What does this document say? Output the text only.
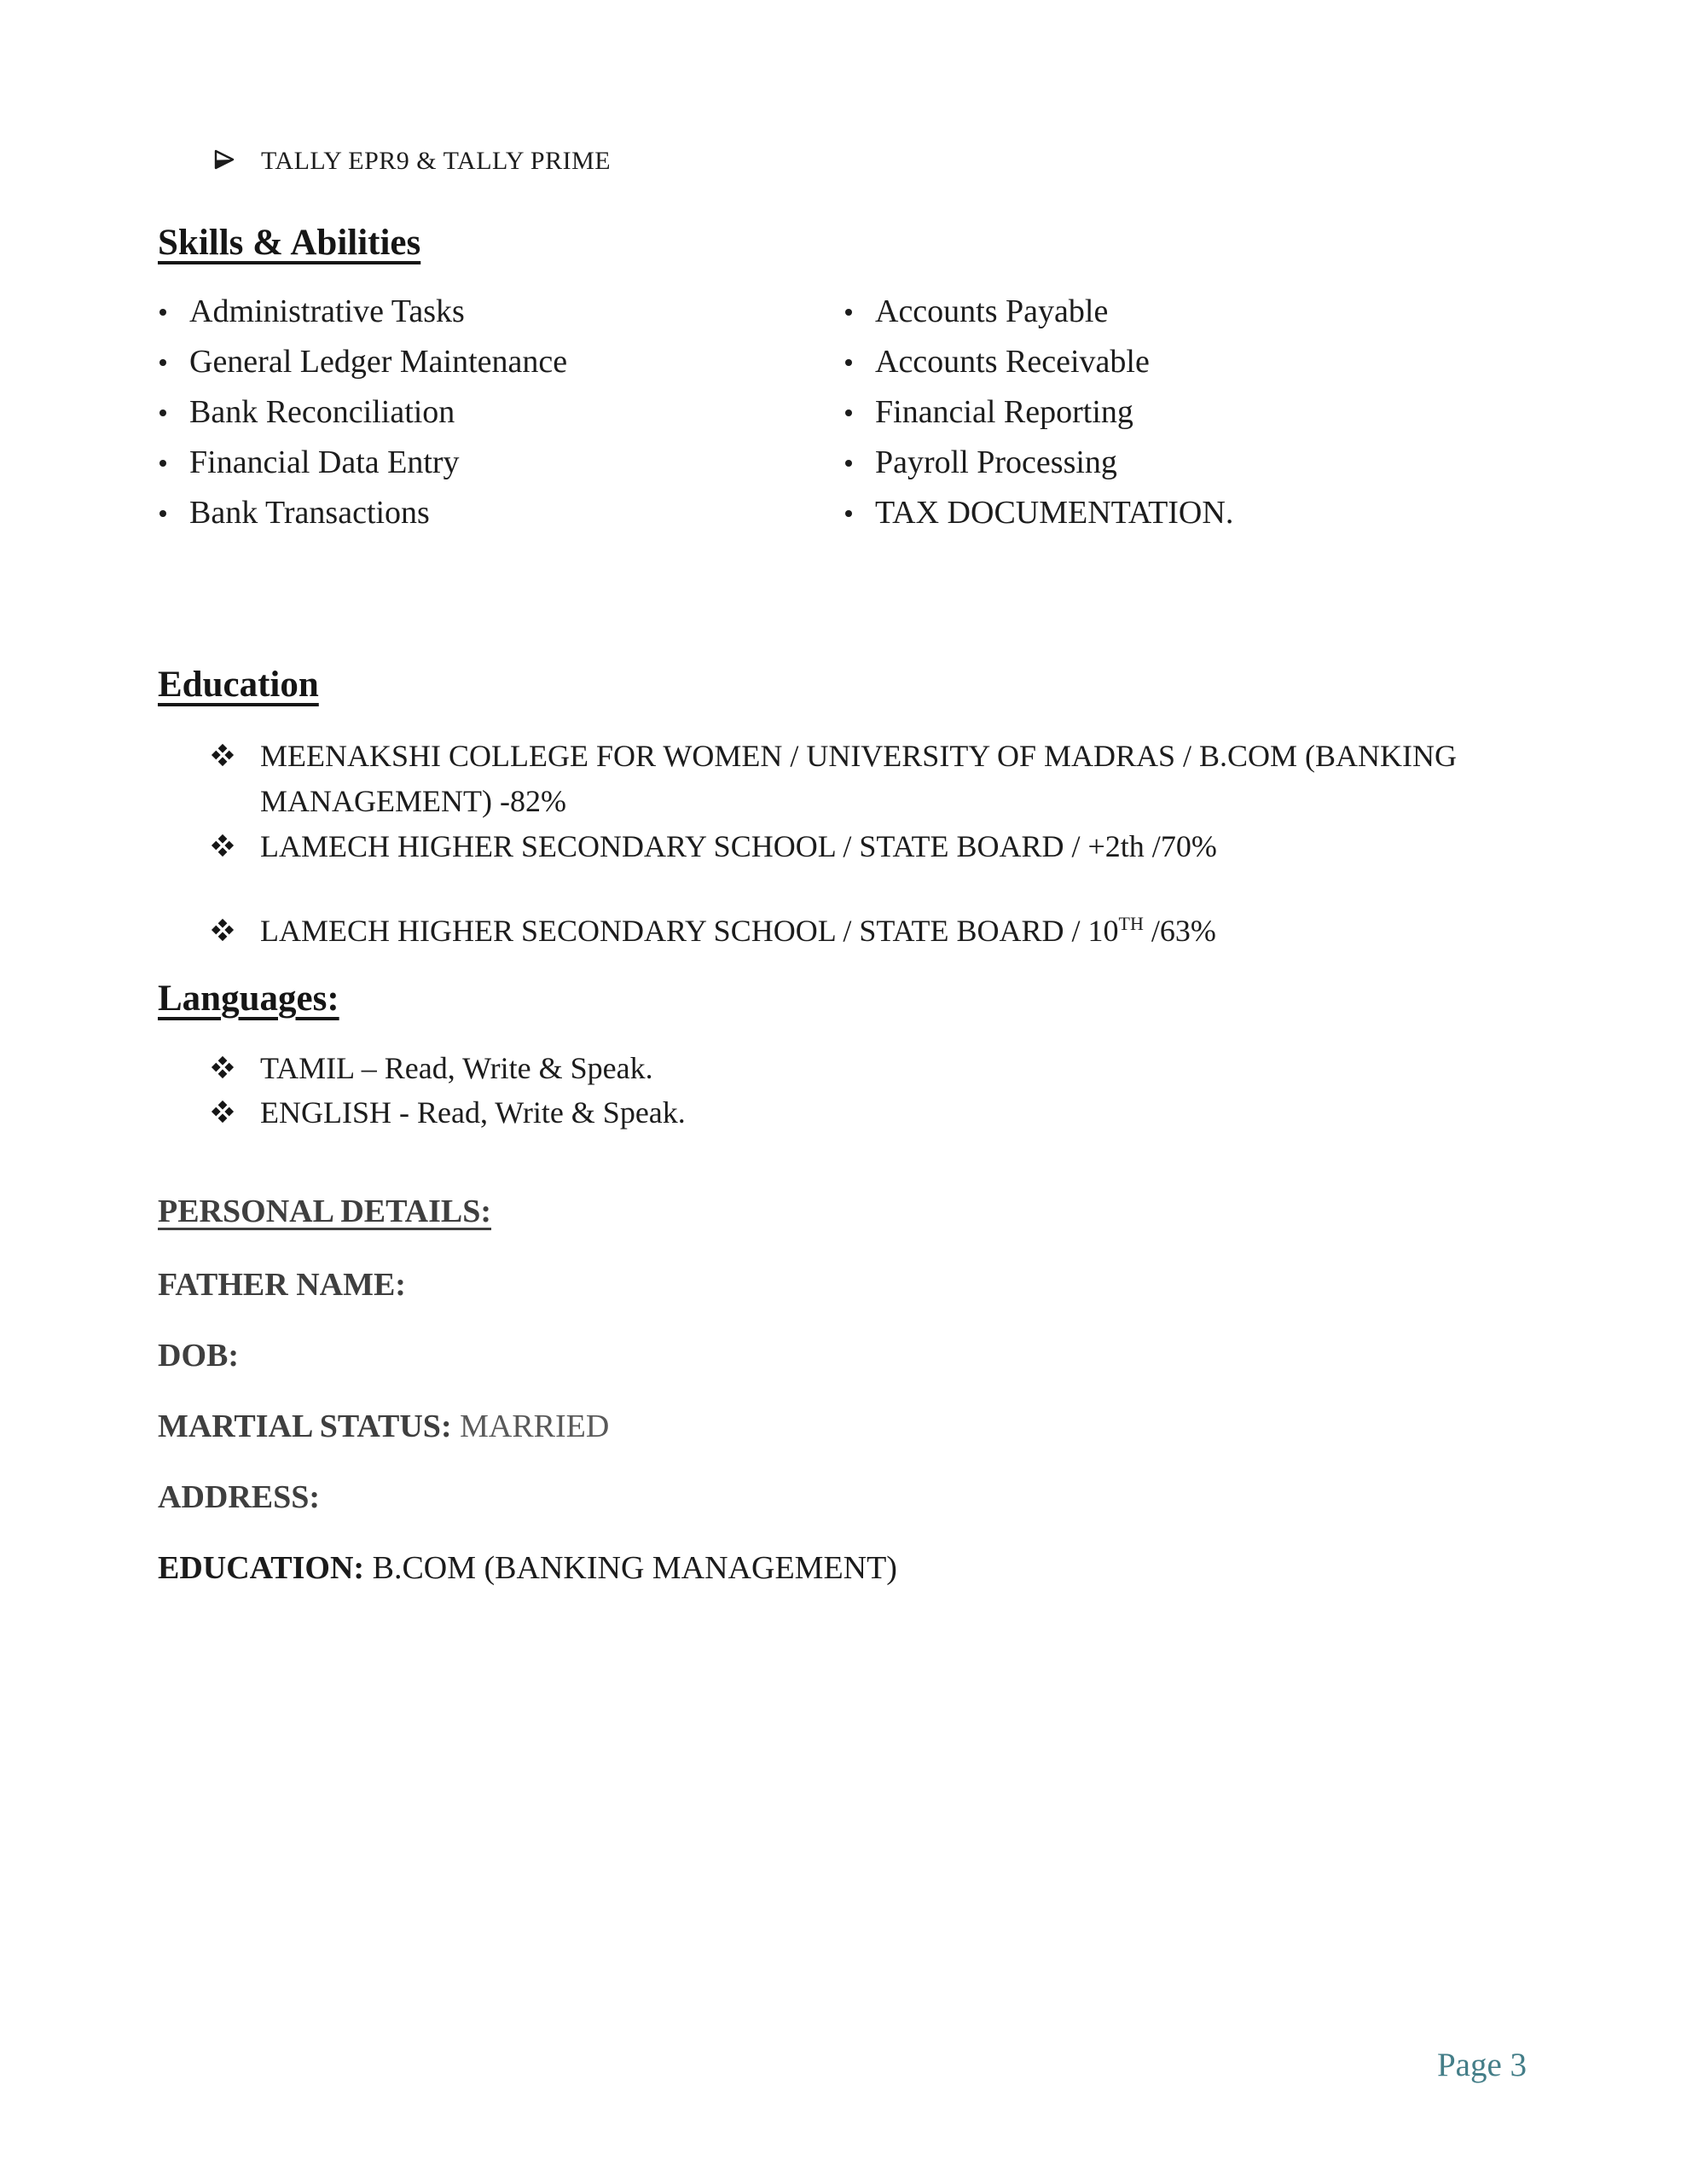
TALLY EPR9 & TALLY PRIME
Skills & Abilities
Administrative Tasks
General Ledger Maintenance
Bank Reconciliation
Financial Data Entry
Bank Transactions
Accounts Payable
Accounts Receivable
Financial Reporting
Payroll Processing
TAX DOCUMENTATION.
Education
MEENAKSHI COLLEGE FOR WOMEN / UNIVERSITY OF MADRAS / B.COM (BANKING MANAGEMENT) -82%
LAMECH HIGHER SECONDARY SCHOOL / STATE BOARD / +2th /70%
LAMECH HIGHER SECONDARY SCHOOL / STATE BOARD / 10TH /63%
Languages:
TAMIL – Read, Write & Speak.
ENGLISH - Read, Write & Speak.
PERSONAL DETAILS:
FATHER NAME:
DOB:
MARTIAL STATUS: MARRIED
ADDRESS:
EDUCATION: B.COM (BANKING MANAGEMENT)
Page 3
